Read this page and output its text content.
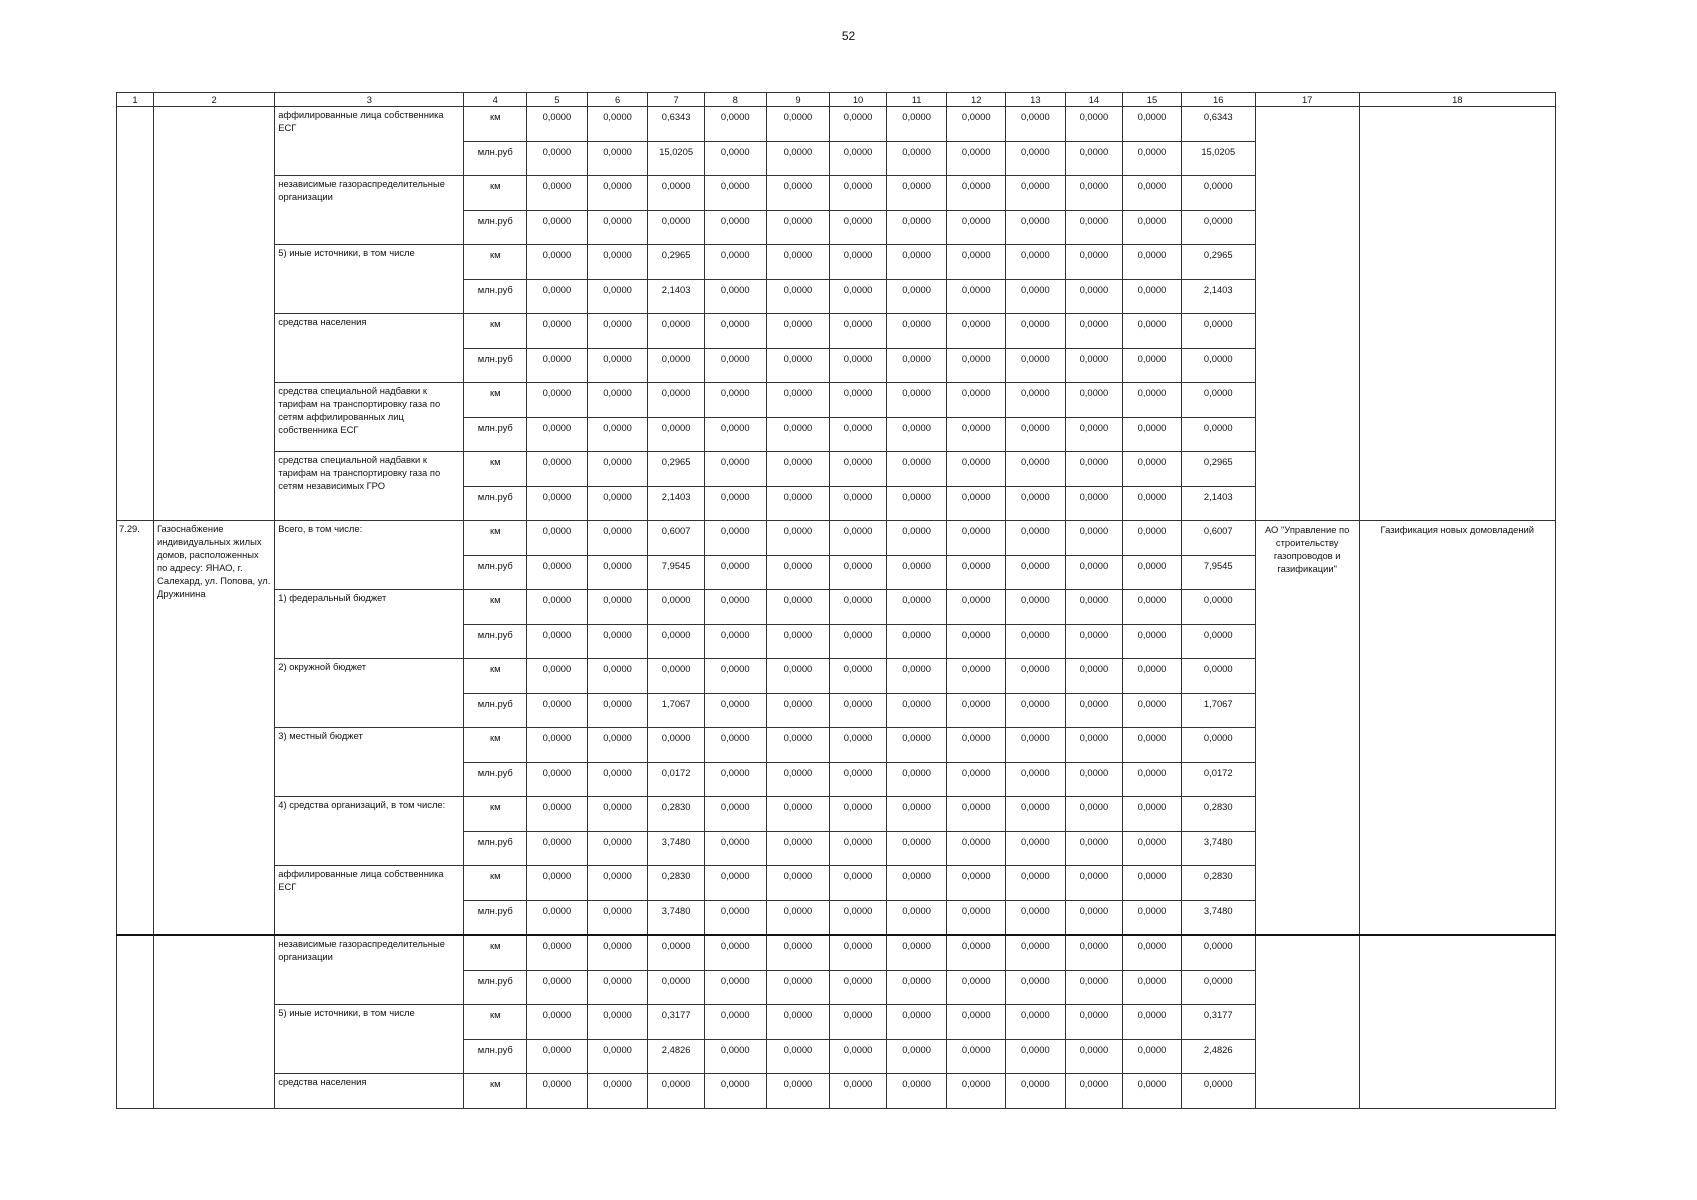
52
1	2	3	4	5	6	7	8	9	10	11	12	13	14	15	16	17	18
		аффилированные лица собственника ЕСГ	км	0,0000	0,0000	0,6343	0,0000	0,0000	0,0000	0,0000	0,0000	0,0000	0,0000	0,0000	0,6343		
			млн.руб	0,0000	0,0000	15,0205	0,0000	0,0000	0,0000	0,0000	0,0000	0,0000	0,0000	0,0000	15,0205		
		независимые газораспределительные организации	км	0,0000	0,0000	0,0000	0,0000	0,0000	0,0000	0,0000	0,0000	0,0000	0,0000	0,0000	0,0000		
			млн.руб	0,0000	0,0000	0,0000	0,0000	0,0000	0,0000	0,0000	0,0000	0,0000	0,0000	0,0000	0,0000		
		5) иные источники, в том числе	км	0,0000	0,0000	0,2965	0,0000	0,0000	0,0000	0,0000	0,0000	0,0000	0,0000	0,0000	0,2965		
			млн.руб	0,0000	0,0000	2,1403	0,0000	0,0000	0,0000	0,0000	0,0000	0,0000	0,0000	0,0000	2,1403		
		средства населения	км	0,0000	0,0000	0,0000	0,0000	0,0000	0,0000	0,0000	0,0000	0,0000	0,0000	0,0000	0,0000		
			млн.руб	0,0000	0,0000	0,0000	0,0000	0,0000	0,0000	0,0000	0,0000	0,0000	0,0000	0,0000	0,0000		
		средства специальной надбавки к тарифам на транспортировку газа по сетям аффилированных лиц собственника ЕСГ	км	0,0000	0,0000	0,0000	0,0000	0,0000	0,0000	0,0000	0,0000	0,0000	0,0000	0,0000	0,0000		
			млн.руб	0,0000	0,0000	0,0000	0,0000	0,0000	0,0000	0,0000	0,0000	0,0000	0,0000	0,0000	0,0000		
		средства специальной надбавки к тарифам на транспортировку газа по сетям независимых ГРО	км	0,0000	0,0000	0,2965	0,0000	0,0000	0,0000	0,0000	0,0000	0,0000	0,0000	0,0000	0,2965		
			млн.руб	0,0000	0,0000	2,1403	0,0000	0,0000	0,0000	0,0000	0,0000	0,0000	0,0000	0,0000	2,1403		
7.29.	Газоснабжение индивидуальных жилых домов, расположенных по адресу: ЯНАО, г. Салехард, ул. Попова, ул. Дружинина	Всего, в том числе:	км	0,0000	0,0000	0,6007	0,0000	0,0000	0,0000	0,0000	0,0000	0,0000	0,0000	0,0000	0,6007	АО "Управление по строительству газопроводов и газификации"	Газификация новых домовладений
			млн.руб	0,0000	0,0000	7,9545	0,0000	0,0000	0,0000	0,0000	0,0000	0,0000	0,0000	0,0000	7,9545		
		1) федеральный бюджет	км	0,0000	0,0000	0,0000	0,0000	0,0000	0,0000	0,0000	0,0000	0,0000	0,0000	0,0000	0,0000		
			млн.руб	0,0000	0,0000	0,0000	0,0000	0,0000	0,0000	0,0000	0,0000	0,0000	0,0000	0,0000	0,0000		
		2) окружной бюджет	км	0,0000	0,0000	0,0000	0,0000	0,0000	0,0000	0,0000	0,0000	0,0000	0,0000	0,0000	0,0000		
			млн.руб	0,0000	0,0000	1,7067	0,0000	0,0000	0,0000	0,0000	0,0000	0,0000	0,0000	0,0000	1,7067		
		3) местный бюджет	км	0,0000	0,0000	0,0000	0,0000	0,0000	0,0000	0,0000	0,0000	0,0000	0,0000	0,0000	0,0000		
			млн.руб	0,0000	0,0000	0,0172	0,0000	0,0000	0,0000	0,0000	0,0000	0,0000	0,0000	0,0000	0,0172		
		4) средства организаций, в том числе:	км	0,0000	0,0000	0,2830	0,0000	0,0000	0,0000	0,0000	0,0000	0,0000	0,0000	0,0000	0,2830		
			млн.руб	0,0000	0,0000	3,7480	0,0000	0,0000	0,0000	0,0000	0,0000	0,0000	0,0000	0,0000	3,7480		
		аффилированные лица собственника ЕСГ	км	0,0000	0,0000	0,2830	0,0000	0,0000	0,0000	0,0000	0,0000	0,0000	0,0000	0,0000	0,2830		
			млн.руб	0,0000	0,0000	3,7480	0,0000	0,0000	0,0000	0,0000	0,0000	0,0000	0,0000	0,0000	3,7480		
		независимые газораспределительные организации	км	0,0000	0,0000	0,0000	0,0000	0,0000	0,0000	0,0000	0,0000	0,0000	0,0000	0,0000	0,0000		
			млн.руб	0,0000	0,0000	0,0000	0,0000	0,0000	0,0000	0,0000	0,0000	0,0000	0,0000	0,0000	0,0000		
		5) иные источники, в том числе	км	0,0000	0,0000	0,3177	0,0000	0,0000	0,0000	0,0000	0,0000	0,0000	0,0000	0,0000	0,3177		
			млн.руб	0,0000	0,0000	2,4826	0,0000	0,0000	0,0000	0,0000	0,0000	0,0000	0,0000	0,0000	2,4826		
		средства населения	км	0,0000	0,0000	0,0000	0,0000	0,0000	0,0000	0,0000	0,0000	0,0000	0,0000	0,0000	0,0000		
